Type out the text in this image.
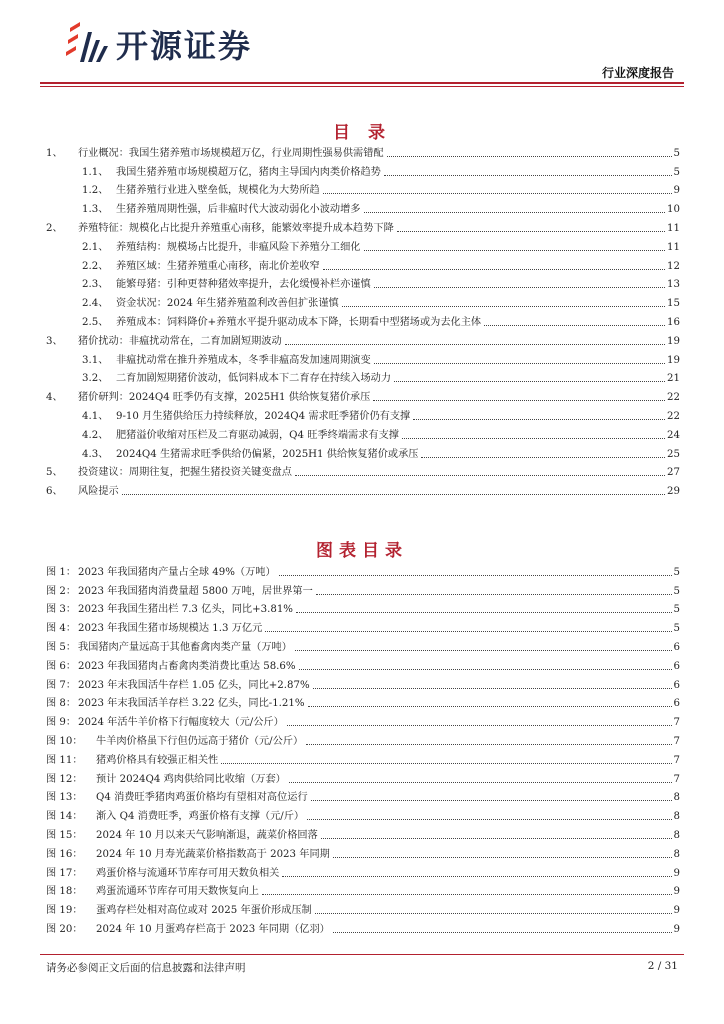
开源证券
行业深度报告
目 录
1、	行业概况：我国生猪养殖市场规模超万亿，行业周期性强易供需错配	5
1.1、 我国生猪养殖市场规模超万亿，猪肉主导国内肉类价格趋势	5
1.2、 生猪养殖行业进入壁垒低，规模化为大势所趋	9
1.3、 生猪养殖周期性强，后非瘟时代大波动弱化小波动增多	10
2、	养殖特征：规模化占比提升养殖重心南移，能繁效率提升成本趋势下降	11
2.1、 养殖结构：规模场占比提升，非瘟风险下养殖分工细化	11
2.2、 养殖区域：生猪养殖重心南移，南北价差收窄	12
2.3、 能繁母猪：引种更替种猪效率提升，去化缓慢补栏亦谨慎	13
2.4、 资金状况：2024 年生猪养殖盈利改善但扩张谨慎	15
2.5、 养殖成本：饲料降价+养殖水平提升驱动成本下降，长期看中型猪场或为去化主体	16
3、	猪价扰动：非瘟扰动常在，二育加剧短期波动	19
3.1、 非瘟扰动常在推升养殖成本，冬季非瘟高发加速周期演变	19
3.2、 二育加剧短期猪价波动，低饲料成本下二育存在持续入场动力	21
4、	猪价研判：2024Q4 旺季仍有支撑，2025H1 供给恢复猪价承压	22
4.1、 9-10 月生猪供给压力持续释放，2024Q4 需求旺季猪价仍有支撑	22
4.2、 肥猪溢价收缩对压栏及二育驱动减弱，Q4 旺季终端需求有支撑	24
4.3、 2024Q4 生猪需求旺季供给仍偏紧，2025H1 供给恢复猪价或承压	25
5、	投资建议：周期往复，把握生猪投资关键变盘点	27
6、	风险提示	29
图表目录
图 1： 2023 年我国猪肉产量占全球 49%（万吨）	5
图 2： 2023 年我国猪肉消费量超 5800 万吨，居世界第一	5
图 3： 2023 年我国生猪出栏 7.3 亿头，同比+3.81%	5
图 4： 2023 年我国生猪市场规模达 1.3 万亿元	5
图 5： 我国猪肉产量远高于其他畜禽肉类产量（万吨）	6
图 6： 2023 年我国猪肉占畜禽肉类消费比重达 58.6%	6
图 7： 2023 年末我国活牛存栏 1.05 亿头，同比+2.87%	6
图 8： 2023 年末我国活羊存栏 3.22 亿头，同比-1.21%	6
图 9： 2024 年活牛羊价格下行幅度较大（元/公斤）	7
图 10：	牛羊肉价格虽下行但仍远高于猪价（元/公斤）	7
图 11：	猪鸡价格具有较强正相关性	7
图 12：	预计 2024Q4 鸡肉供给同比收缩（万套）	7
图 13：	Q4 消费旺季猪肉鸡蛋价格均有望相对高位运行	8
图 14：	渐入 Q4 消费旺季，鸡蛋价格有支撑（元/斤）	8
图 15：	2024 年 10 月以来天气影响渐退，蔬菜价格回落	8
图 16：	2024 年 10 月寿光蔬菜价格指数高于 2023 年同期	8
图 17：	鸡蛋价格与流通环节库存可用天数负相关	9
图 18：	鸡蛋流通环节库存可用天数恢复向上	9
图 19：	蛋鸡存栏处相对高位或对 2025 年蛋价形成压制	9
图 20：	2024 年 10 月蛋鸡存栏高于 2023 年同期（亿羽）	9
请务必参阅正文后面的信息披露和法律声明	2 / 31
